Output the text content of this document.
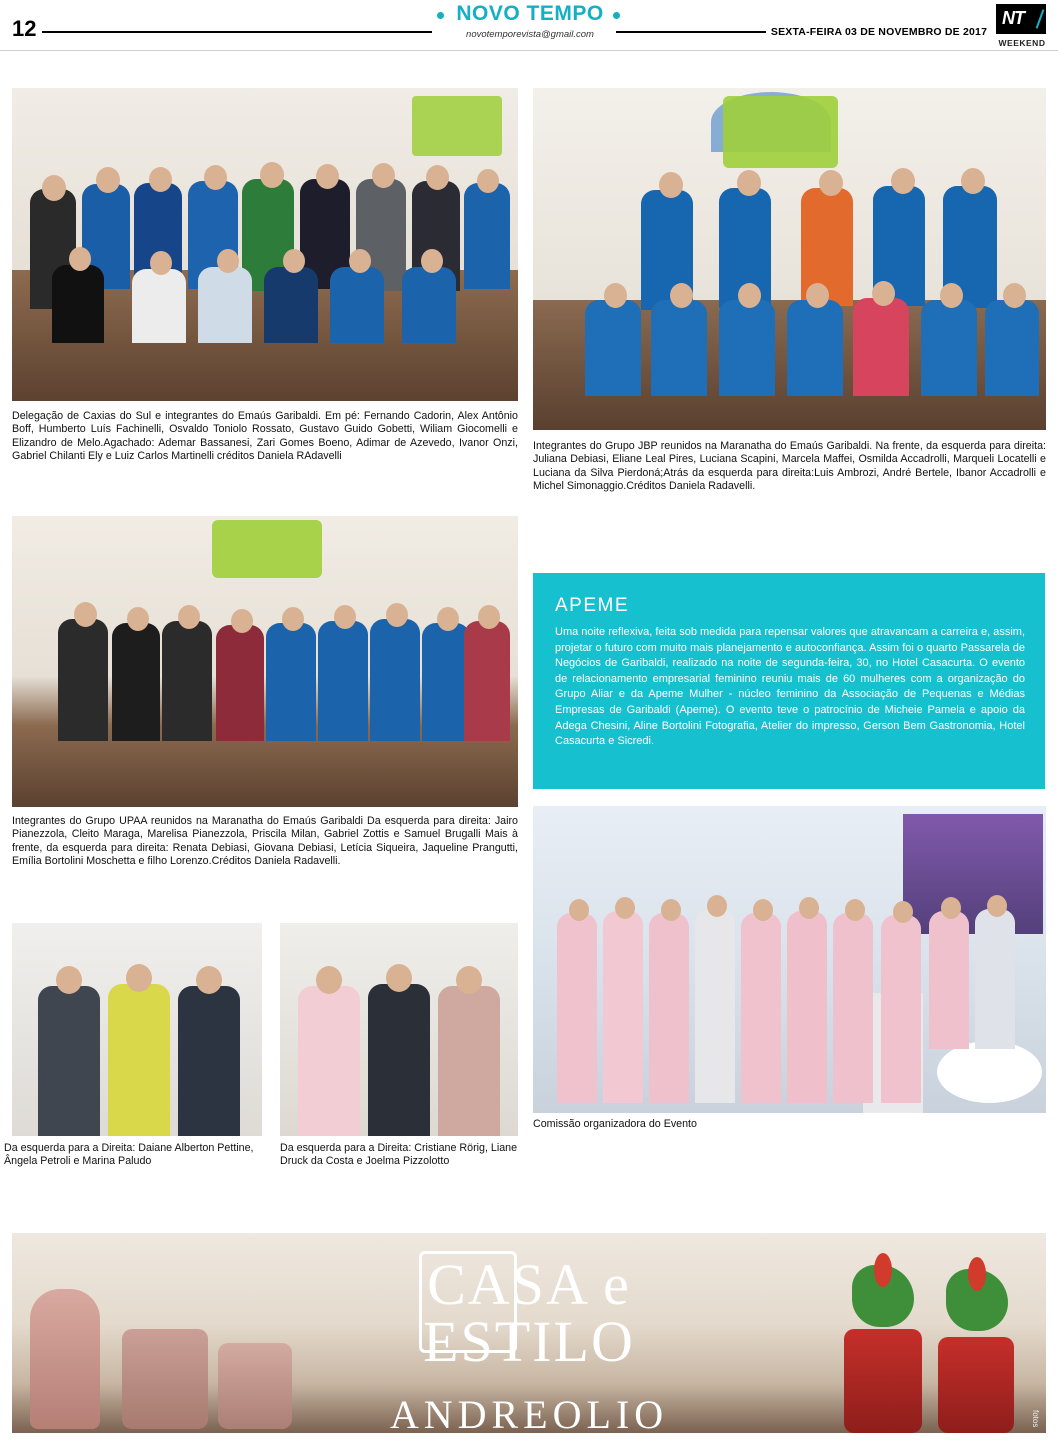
12
NOVO TEMPO
novotemporevista@gmail.com	SEXTA-FEIRA 03 DE NOVEMBRO DE 2017
NT
WEEKEND
Delegação de Caxias do Sul e integrantes do Emaús Garibaldi. Em pé: Fernando Cadorin, Alex Antônio Boff, Humberto Luís Fachinelli, Osvaldo Toniolo Rossato, Gustavo Guido Gobetti, Wiliam Giocomelli e Elizandro de Melo.Agachado: Ademar Bassanesi, Zari Gomes Boeno, Adimar de Azevedo, Ivanor Onzi, Gabriel Chilanti Ely e Luiz Carlos Martinelli créditos Daniela RAdavelli
Integrantes do Grupo JBP reunidos na Maranatha do Emaús Garibaldi. Na frente, da esquerda para direita: Juliana Debiasi, Eliane Leal Pires, Luciana Scapini, Marcela Maffei, Osmilda Accadrolli, Marqueli Locatelli e Luciana da Silva Pierdoná;Atrás da esquerda para direita:Luis Ambrozi, André Bertele, Ibanor Accadrolli e Michel Simonaggio.Créditos Daniela Radavelli.
Integrantes do Grupo UPAA reunidos na Maranatha do Emaús Garibaldi Da esquerda para direita: Jairo Pianezzola, Cleito Maraga, Marelisa Pianezzola, Priscila Milan, Gabriel Zottis e Samuel Brugalli Mais à frente, da esquerda para direita: Renata Debiasi, Giovana Debiasi, Letícia Siqueira, Jaqueline Prangutti, Emília Bortolini Moschetta e filho Lorenzo.Créditos Daniela Radavelli.
APEME

Uma noite reflexiva, feita sob medida para repensar valores que atravancam a carreira e, assim, projetar o futuro com muito mais planejamento e autoconfiança. Assim foi o quarto Passarela de Negócios de Garibaldi, realizado na noite de segunda-feira, 30, no Hotel Casacurta. O evento de relacionamento empresarial feminino reuniu mais de 60 mulheres com a organização do Grupo Aliar e da Apeme Mulher - núcleo feminino da Associação de Pequenas e Médias Empresas de Garibaldi (Apeme). O evento teve o patrocínio de Micheie Pamela e apoio da Adega Chesini, Aline Bortolini Fotografia, Atelier do impresso, Gerson Bem Gastronomia, Hotel Casacurta e Sicredi.

Comissão organizadora do Evento
Da esquerda para a Direita: Daiane Alberton Pettine, Ângela Petroli e Marina Paludo
Da esquerda para a Direita: Cristiane Rörig, Liane Druck da Costa e Joelma Pizzolotto
CASA e
ESTILO
ANDREOLIO	fotos
